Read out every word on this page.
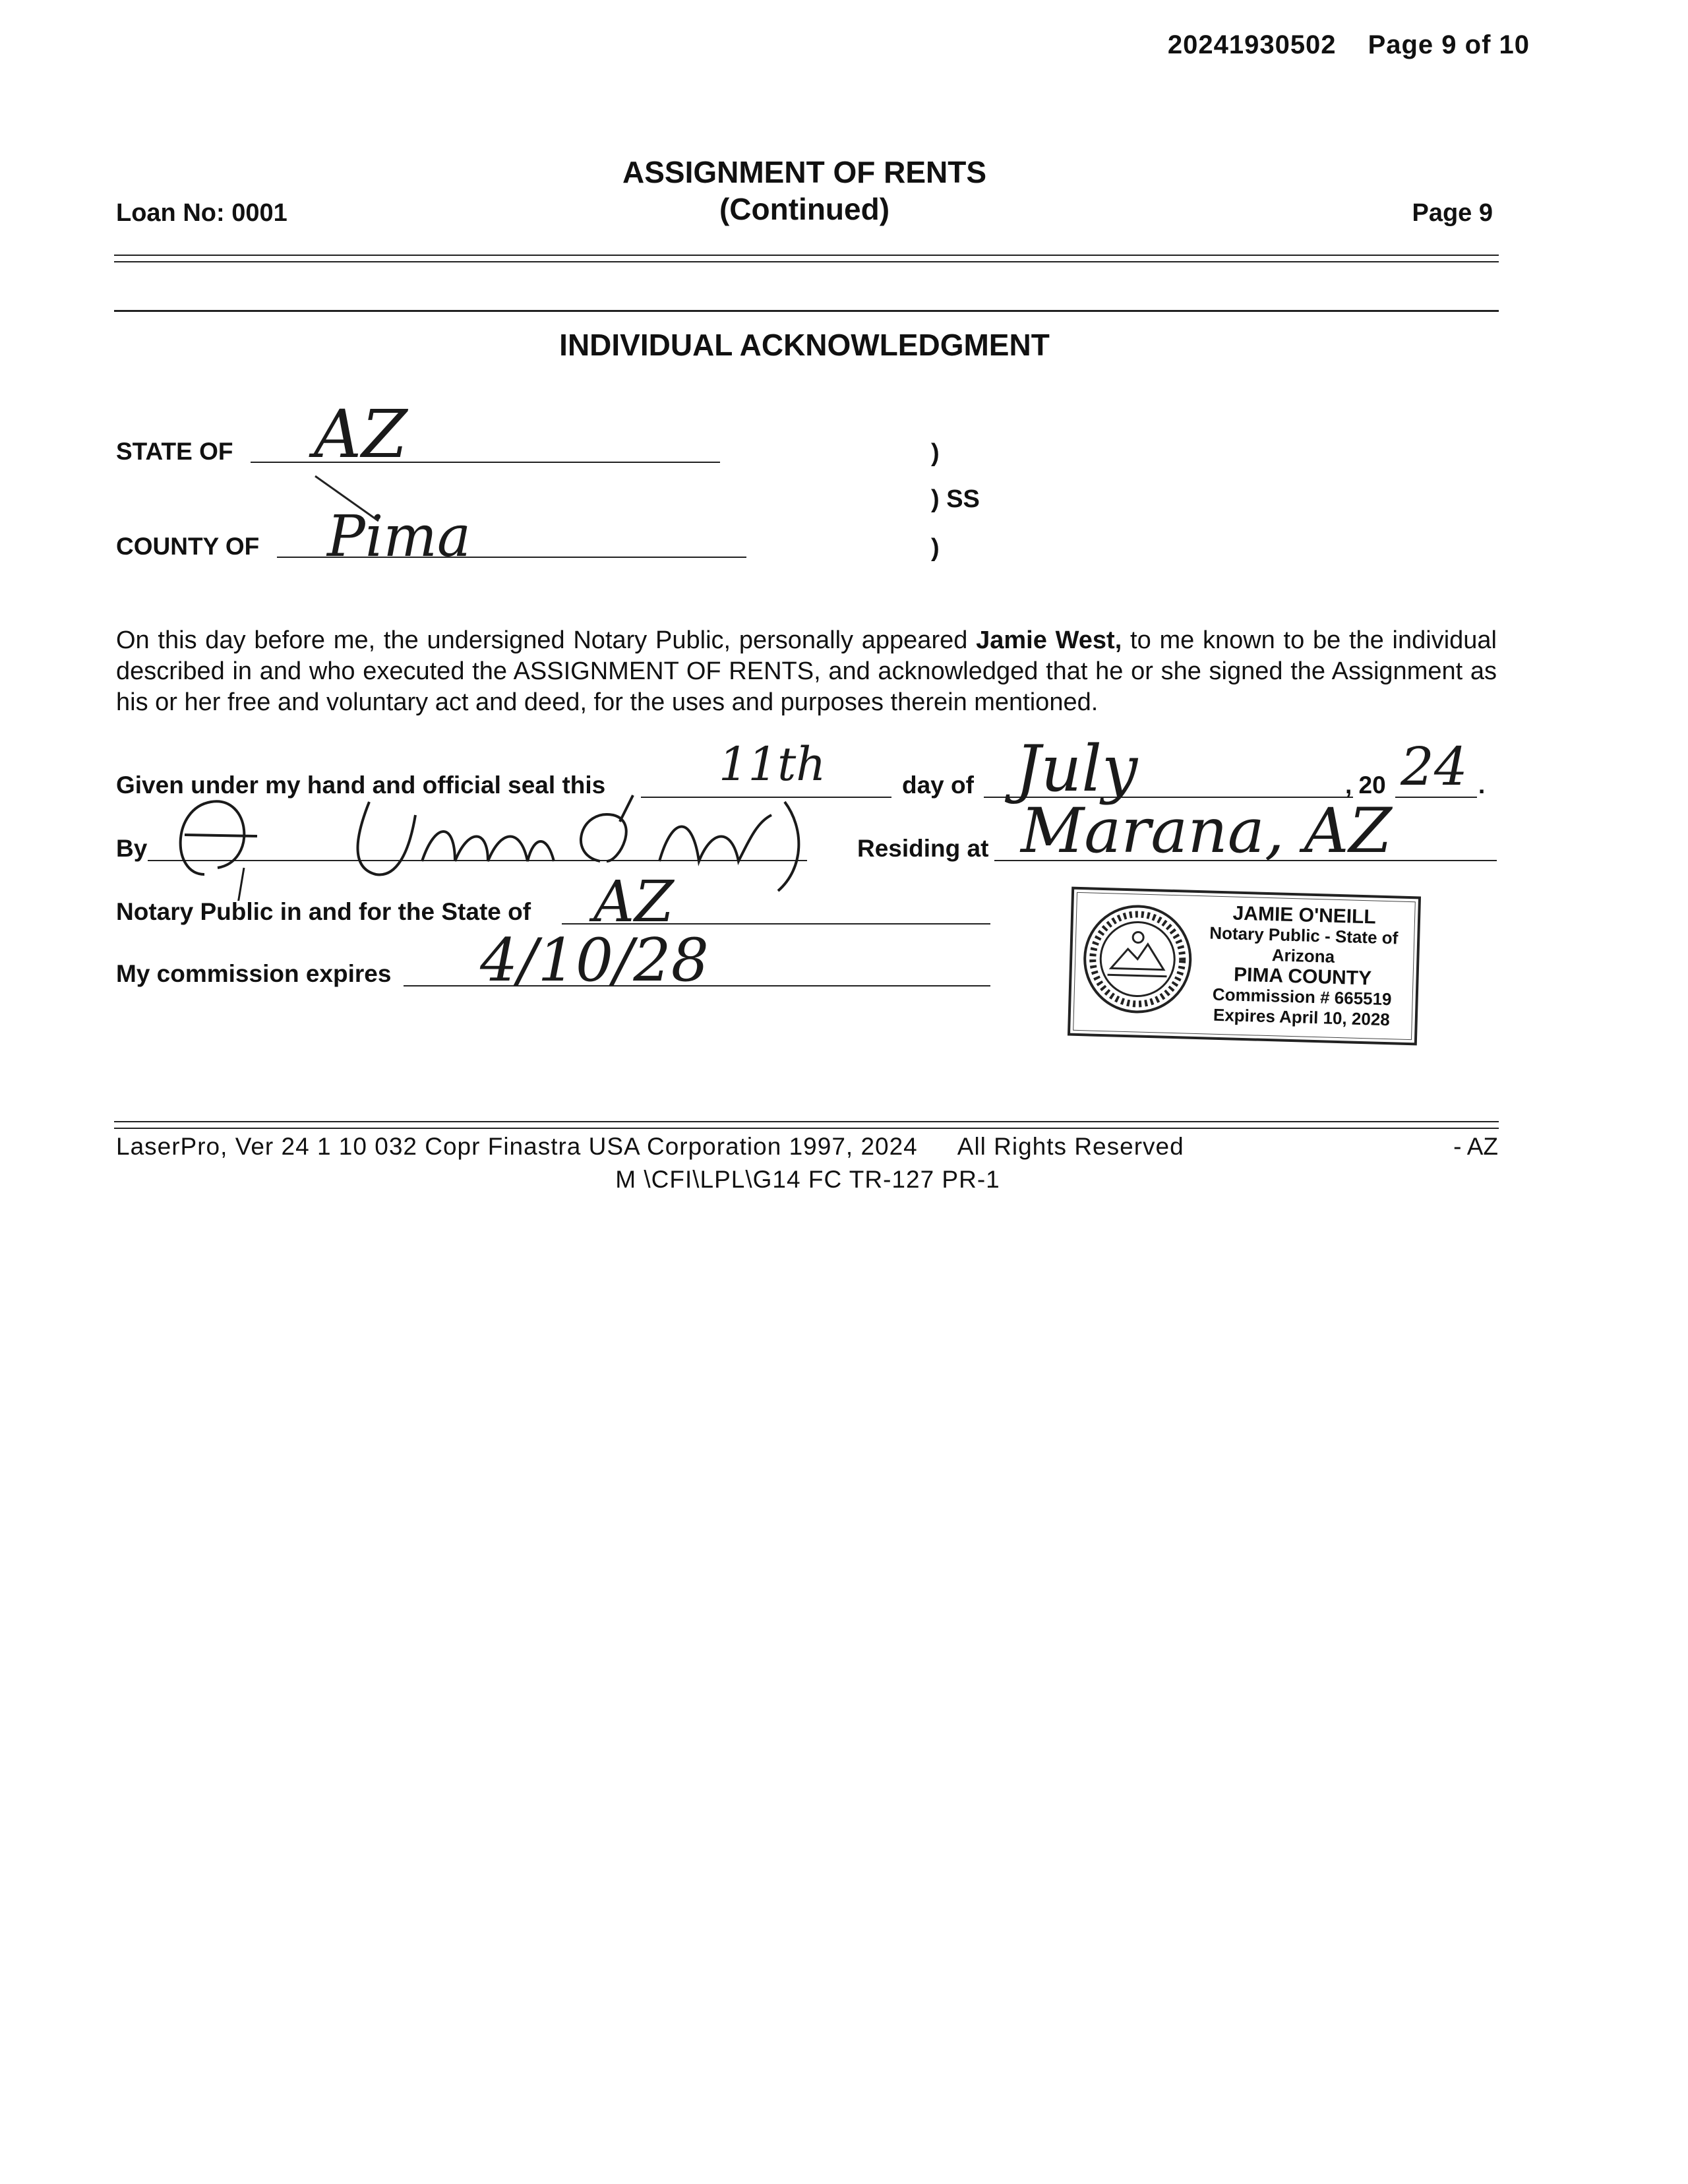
20241930502 Page 9 of 10
Loan No: 0001
ASSIGNMENT OF RENTS
(Continued)	Page 9
INDIVIDUAL ACKNOWLEDGMENT
STATE OF AZ
COUNTY OF Pima
)
) SS
)
On this day before me, the undersigned Notary Public, personally appeared Jamie West, to me known to be the individual described in and who executed the ASSIGNMENT OF RENTS, and acknowledged that he or she signed the Assignment as his or her free and voluntary act and deed, for the uses and purposes therein mentioned.
Given under my hand and official seal this 11th	day of July	, 20 24 .
By	Residing at Marana, AZ
Notary Public in and for the State of AZ
My commission expires 4/10/28
JAMIE O'NEILL
Notary Public - State of Arizona
PIMA COUNTY
Commission # 665519
Expires April 10, 2028
LaserPro, Ver 24 1 10 032 Copr Finastra USA Corporation 1997, 2024 All Rights Reserved	- AZ
M \CFI\LPL\G14 FC TR-127 PR-1
